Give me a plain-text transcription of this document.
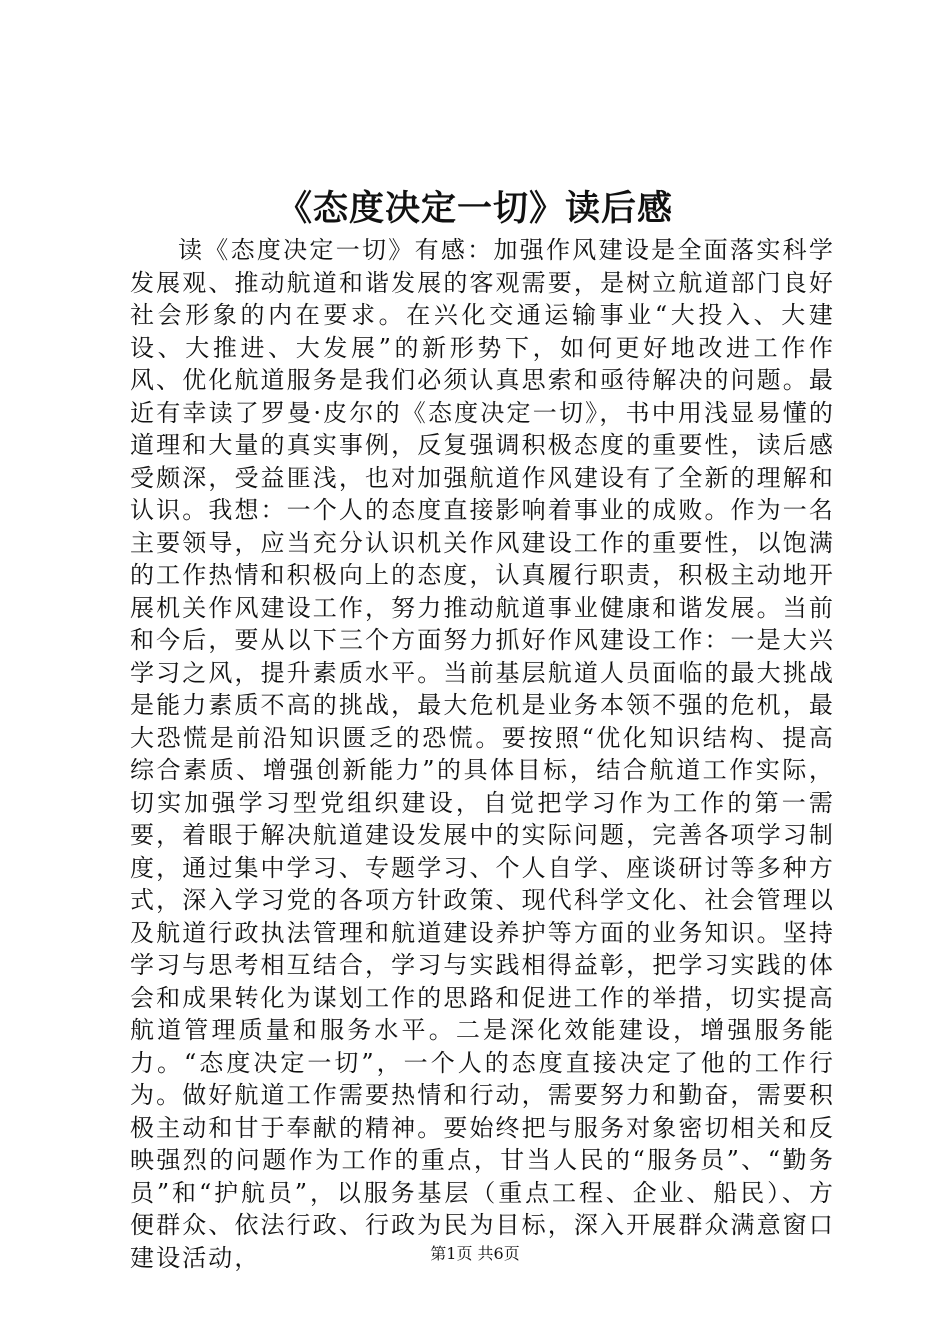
《态度决定一切》读后感

读《态度决定一切》有感：加强作风建设是全面落实科学发展观、推动航道和谐发展的客观需要，是树立航道部门良好社会形象的内在要求。在兴化交通运输事业“大投入、大建设、大推进、大发展”的新形势下，如何更好地改进工作作风、优化航道服务是我们必须认真思索和亟待解决的问题。最近有幸读了罗曼·皮尔的《态度决定一切》，书中用浅显易懂的道理和大量的真实事例，反复强调积极态度的重要性，读后感受颇深，受益匪浅，也对加强航道作风建设有了全新的理解和认识。我想：一个人的态度直接影响着事业的成败。作为一名主要领导，应当充分认识机关作风建设工作的重要性，以饱满的工作热情和积极向上的态度，认真履行职责，积极主动地开展机关作风建设工作，努力推动航道事业健康和谐发展。当前和今后，要从以下三个方面努力抓好作风建设工作：一是大兴学习之风，提升素质水平。当前基层航道人员面临的最大挑战是能力素质不高的挑战，最大危机是业务本领不强的危机，最大恐慌是前沿知识匮乏的恐慌。要按照“优化知识结构、提高综合素质、增强创新能力”的具体目标，结合航道工作实际，切实加强学习型党组织建设，自觉把学习作为工作的第一需要，着眼于解决航道建设发展中的实际问题，完善各项学习制度，通过集中学习、专题学习、个人自学、座谈研讨等多种方式，深入学习党的各项方针政策、现代科学文化、社会管理以及航道行政执法管理和航道建设养护等方面的业务知识。坚持学习与思考相互结合，学习与实践相得益彰，把学习实践的体会和成果转化为谋划工作的思路和促进工作的举措，切实提高航道管理质量和服务水平。二是深化效能建设，增强服务能力。“态度决定一切”，一个人的态度直接决定了他的工作行为。做好航道工作需要热情和行动，需要努力和勤奋，需要积极主动和甘于奉献的精神。要始终把与服务对象密切相关和反映强烈的问题作为工作的重点，甘当人民的“服务员”、“勤务员”和“护航员”，以服务基层（重点工程、企业、船民）、方便群众、依法行政、行政为民为目标，深入开展群众满意窗口建设活动，	第1页 共6页
